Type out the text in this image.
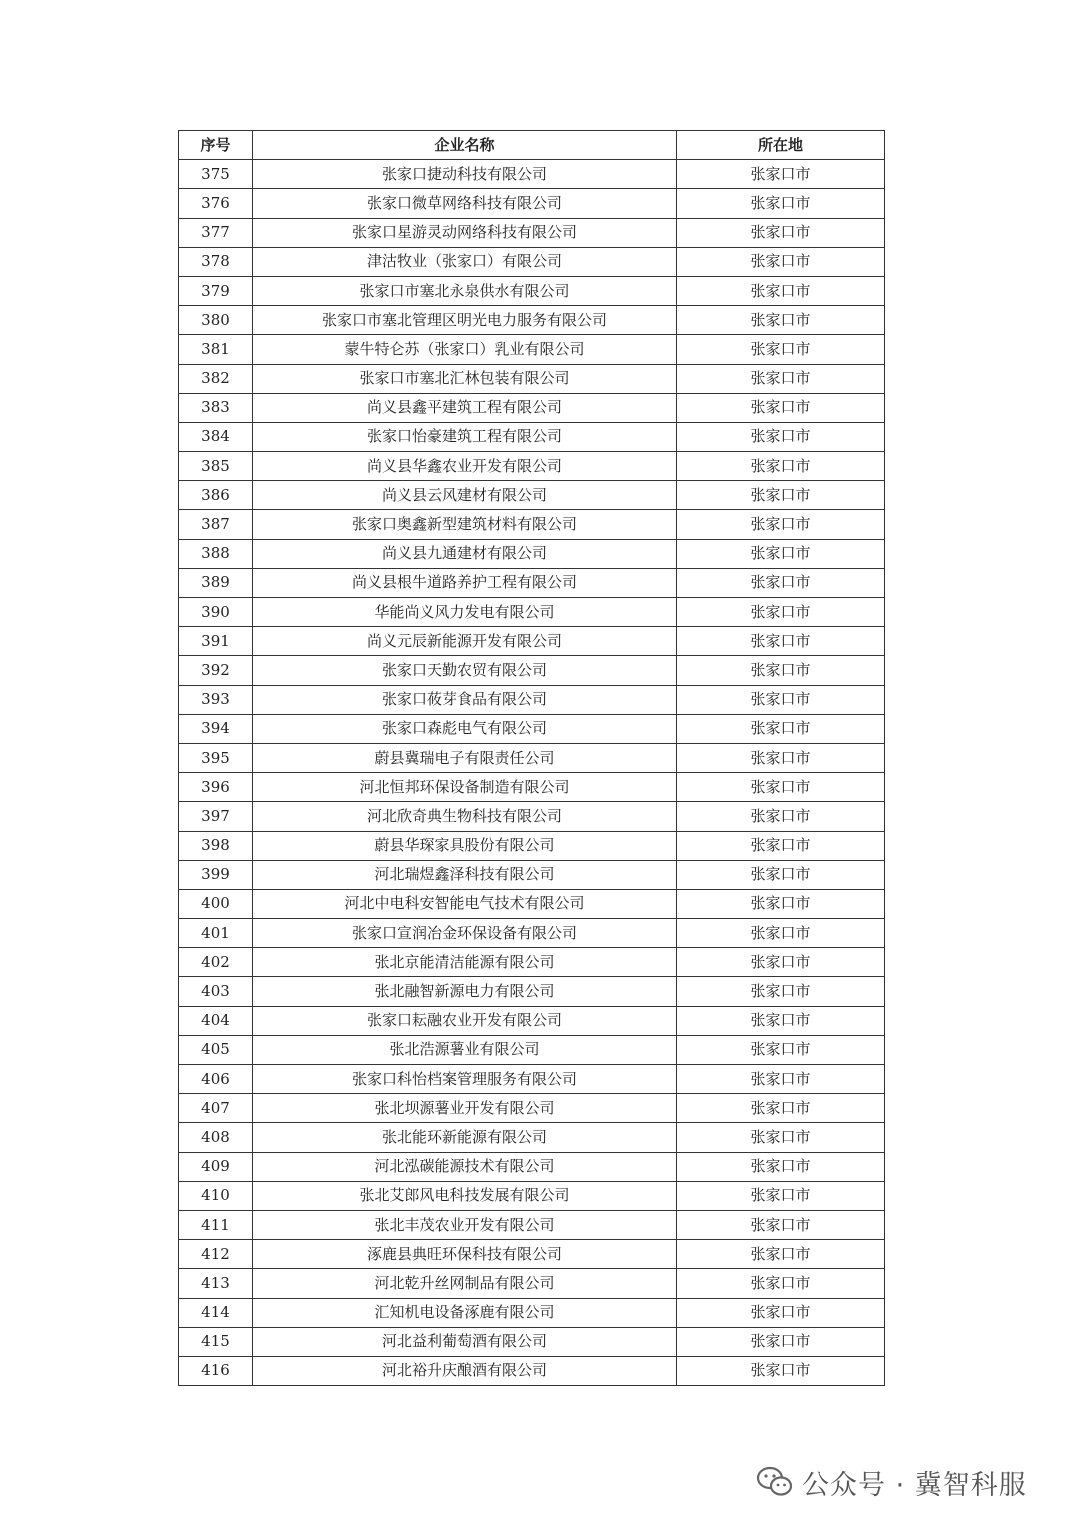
序号	企业名称	所在地
375	张家口捷动科技有限公司	张家口市
376	张家口微草网络科技有限公司	张家口市
377	张家口星游灵动网络科技有限公司	张家口市
378	津沽牧业（张家口）有限公司	张家口市
379	张家口市塞北永泉供水有限公司	张家口市
380	张家口市塞北管理区明光电力服务有限公司	张家口市
381	蒙牛特仑苏（张家口）乳业有限公司	张家口市
382	张家口市塞北汇林包装有限公司	张家口市
383	尚义县鑫平建筑工程有限公司	张家口市
384	张家口怡豪建筑工程有限公司	张家口市
385	尚义县华鑫农业开发有限公司	张家口市
386	尚义县云风建材有限公司	张家口市
387	张家口奥鑫新型建筑材料有限公司	张家口市
388	尚义县九通建材有限公司	张家口市
389	尚义县根牛道路养护工程有限公司	张家口市
390	华能尚义风力发电有限公司	张家口市
391	尚义元辰新能源开发有限公司	张家口市
392	张家口天勤农贸有限公司	张家口市
393	张家口莜芽食品有限公司	张家口市
394	张家口森彪电气有限公司	张家口市
395	蔚县冀瑞电子有限责任公司	张家口市
396	河北恒邦环保设备制造有限公司	张家口市
397	河北欣奇典生物科技有限公司	张家口市
398	蔚县华琛家具股份有限公司	张家口市
399	河北瑞煜鑫泽科技有限公司	张家口市
400	河北中电科安智能电气技术有限公司	张家口市
401	张家口宣润冶金环保设备有限公司	张家口市
402	张北京能清洁能源有限公司	张家口市
403	张北融智新源电力有限公司	张家口市
404	张家口耘融农业开发有限公司	张家口市
405	张北浩源薯业有限公司	张家口市
406	张家口科怡档案管理服务有限公司	张家口市
407	张北坝源薯业开发有限公司	张家口市
408	张北能环新能源有限公司	张家口市
409	河北泓碳能源技术有限公司	张家口市
410	张北艾郎风电科技发展有限公司	张家口市
411	张北丰茂农业开发有限公司	张家口市
412	涿鹿县典旺环保科技有限公司	张家口市
413	河北乾升丝网制品有限公司	张家口市
414	汇知机电设备涿鹿有限公司	张家口市
415	河北益利葡萄酒有限公司	张家口市
416	河北裕升庆酿酒有限公司	张家口市
公众号 · 冀智科服
